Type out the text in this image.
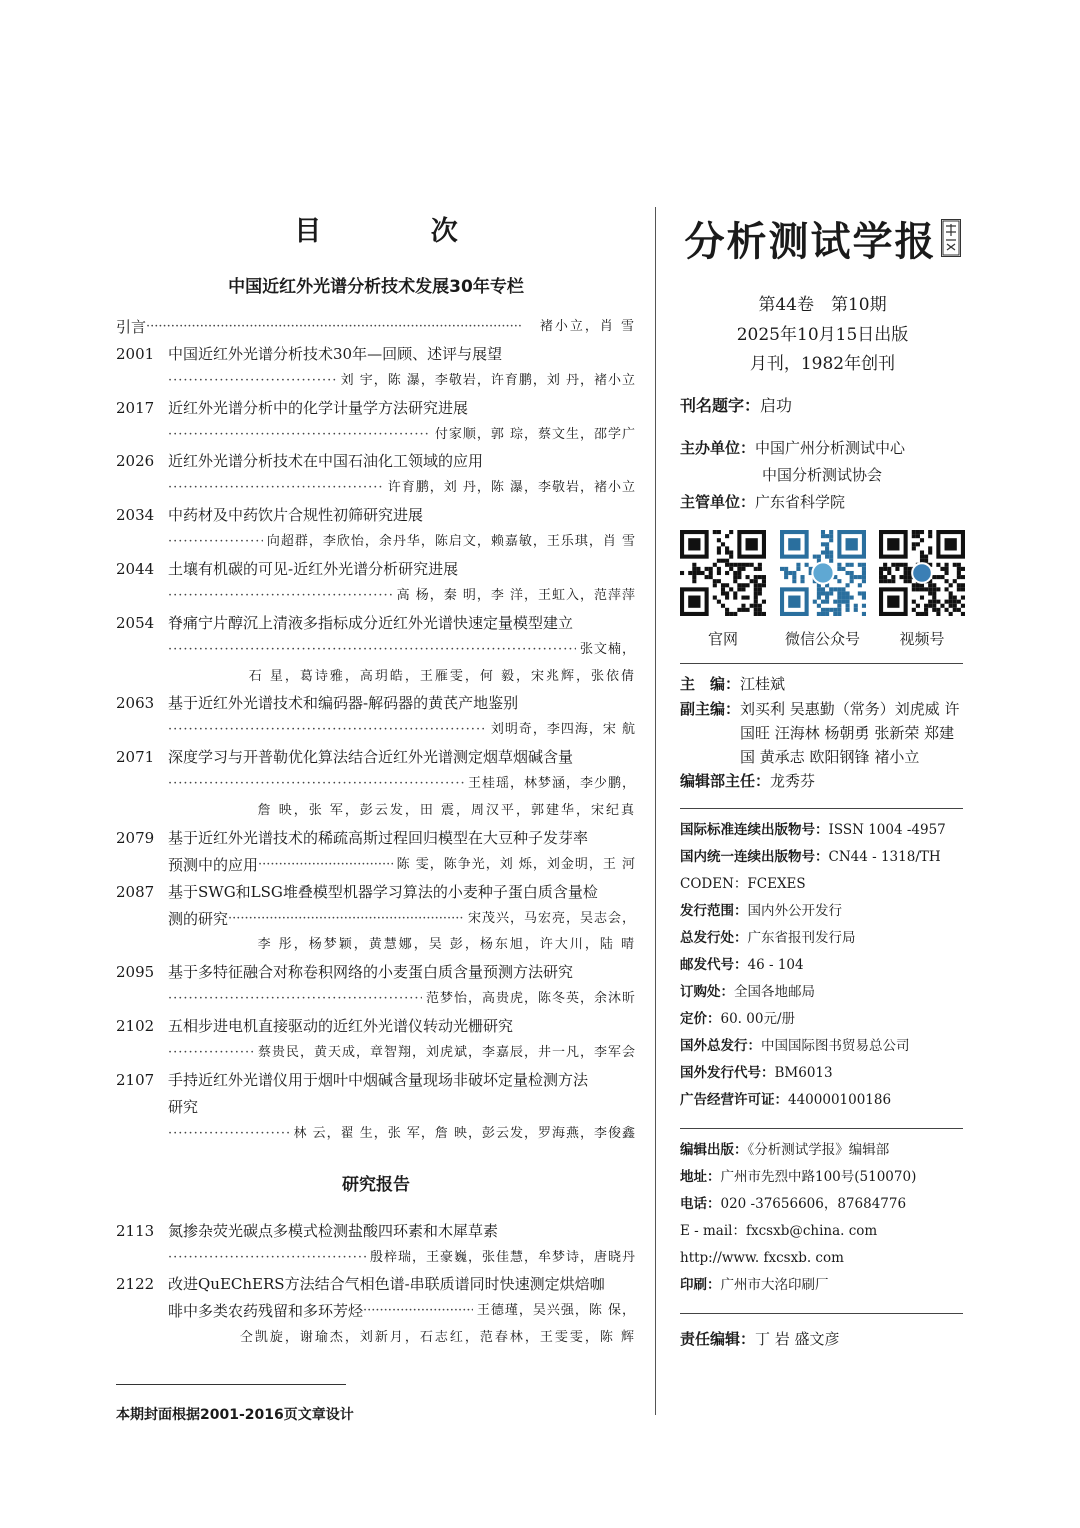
目 次
中国近红外光谱分析技术发展30年专栏
引言 ·····	褚小立，肖 雪
2001 中国近红外光谱分析技术30年—回顾、述评与展望
·····
刘 宇，陈 瀑，李敬岩，许育鹏，刘 丹，褚小立
2017 近红外光谱分析中的化学计量学方法研究进展
·····
付家顺，郭 琮，蔡文生，邵学广
2026 近红外光谱分析技术在中国石油化工领域的应用
·····
许育鹏，刘 丹，陈 瀑，李敬岩，褚小立
2034 中药材及中药饮片合规性初筛研究进展
·····
向超群，李欣怡，余丹华，陈启文，赖嘉敏，王乐琪，肖 雪
2044 土壤有机碳的可见-近红外光谱分析研究进展
·····
高 杨，秦 明，李 洋，王虹入，范萍萍
2054 脊痛宁片醇沉上清液多指标成分近红外光谱快速定量模型建立
·····
张文楠，
石 星，葛诗雅，高玥皓，王雁雯，何 毅，宋兆辉，张依倩
2063 基于近红外光谱技术和编码器-解码器的黄芪产地鉴别
·····
刘明奇，李四海，宋 航
2071 深度学习与开普勒优化算法结合近红外光谱测定烟草烟碱含量
·····
王桂瑶，林梦涵，李少鹏，
詹 映，张 军，彭云发，田 震，周汉平，郭建华，宋纪真
2079 基于近红外光谱技术的稀疏高斯过程回归模型在大豆种子发芽率
预测中的应用 ·····	陈 雯，陈争光，刘 烁，刘金明，王 河
2087 基于SWG和LSG堆叠模型机器学习算法的小麦种子蛋白质含量检
测的研究 ·····	宋茂兴，马宏亮，吴志会，
李 彤，杨梦颖，黄慧娜，吴 彭，杨东旭，许大川，陆 晴
2095 基于多特征融合对称卷积网络的小麦蛋白质含量预测方法研究
·····
范梦怡，高贵虎，陈冬英，余沐昕
2102 五相步进电机直接驱动的近红外光谱仪转动光栅研究
·····
蔡贵民，黄天成，章智翔，刘虎斌，李嘉辰，井一凡，李军会
2107 手持近红外光谱仪用于烟叶中烟碱含量现场非破坏定量检测方法
研究
·····
林 云，翟 生，张 军，詹 映，彭云发，罗海燕，李俊鑫
研究报告
2113 氮掺杂荧光碳点多模式检测盐酸四环素和木犀草素
·····
殷梓瑞，王豪巍，张佳慧，牟梦诗，唐晓丹
2122 改进QuEChERS方法结合气相色谱-串联质谱同时快速测定烘焙咖
啡中多类农药残留和多环芳烃 ·····	王德瑾，吴兴强，陈 保，
仝凯旋，谢瑜杰，刘新月，石志红，范春林，王雯雯，陈 辉
本期封面根据2001-2016页文章设计
分析测试学报
第44卷　第10期
2025年10月15日出版
月刊，1982年创刊
刊名题字：启功
主办单位：中国广州分析测试中心
中国分析测试协会
主管单位：广东省科学院
官网	微信公众号	视频号
主　编：江桂斌
副主编： 刘买利 吴惠勤（常务）刘虎威 许国旺 汪海林 杨朝勇 张新荣 郑建国 黄承志 欧阳钢锋 褚小立
编辑部主任：龙秀芬
国际标准连续出版物号：ISSN 1004 -4957
国内统一连续出版物号：CN44 - 1318/TH
CODEN：FCEXES
发行范围：国内外公开发行
总发行处：广东省报刊发行局
邮发代号：46 - 104
订购处：全国各地邮局
定价：60. 00元/册
国外总发行：中国国际图书贸易总公司
国外发行代号：BM6013
广告经营许可证：440000100186
编辑出版：《分析测试学报》编辑部
地址：广州市先烈中路100号(510070)
电话：020 -37656606，87684776
E - mail：fxcsxb@china. com
http://www. fxcsxb. com
印刷：广州市大洺印刷厂
责任编辑：丁 岩 盛文彦
